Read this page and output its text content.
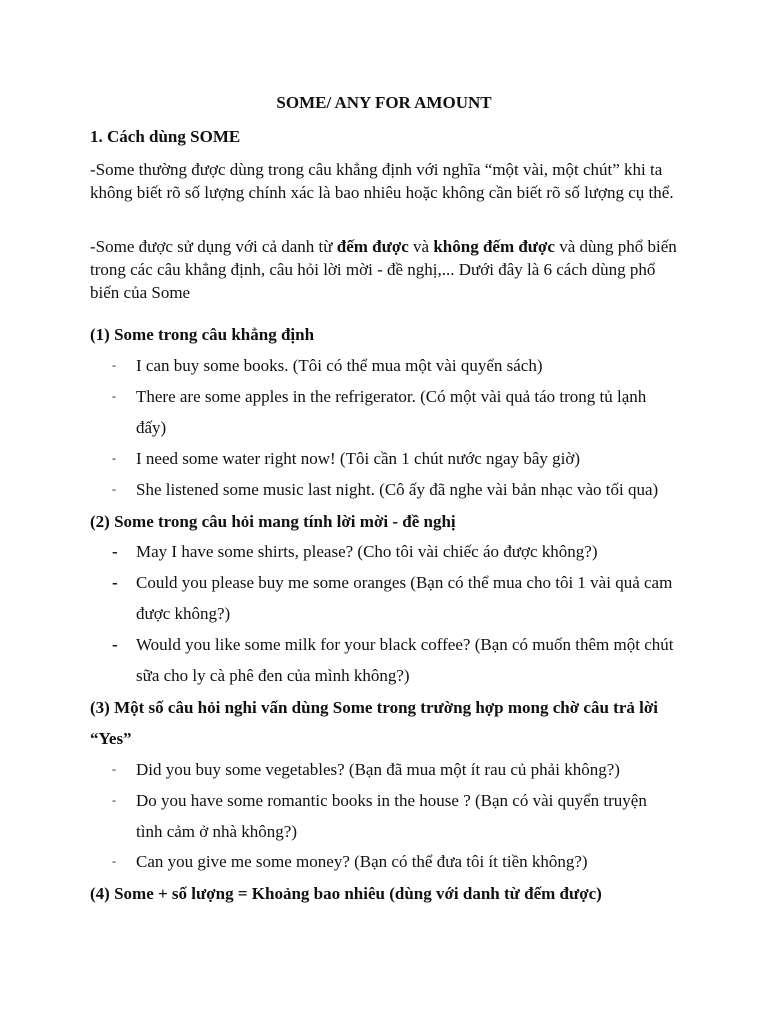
SOME/ ANY FOR AMOUNT
1. Cách dùng SOME
-Some thường được dùng trong câu khẳng định với nghĩa “một vài, một chút” khi ta không biết rõ số lượng chính xác là bao nhiêu hoặc không cần biết rõ số lượng cụ thể.
-Some được sử dụng với cả danh từ đếm được và không đếm được và dùng phổ biến trong các câu khẳng định, câu hỏi lời mời - đề nghị,... Dưới đây là 6 cách dùng phổ biến của Some
(1) Some trong câu khẳng định
- I can buy some books. (Tôi có thể mua một vài quyển sách)
- There are some apples in the refrigerator. (Có một vài quả táo trong tủ lạnh đấy)
- I need some water right now! (Tôi cần 1 chút nước ngay bây giờ)
- She listened some music last night. (Cô ấy đã nghe vài bản nhạc vào tối qua)
(2) Some trong câu hỏi mang tính lời mời - đề nghị
- May I have some shirts, please? (Cho tôi vài chiếc áo được không?)
- Could you please buy me some oranges (Bạn có thể mua cho tôi 1 vài quả cam được không?)
- Would you like some milk for your black coffee? (Bạn có muốn thêm một chút sữa cho ly cà phê đen của mình không?)
(3) Một số câu hỏi nghi vấn dùng Some trong trường hợp mong chờ câu trả lời
“Yes”
- Did you buy some vegetables? (Bạn đã mua một ít rau củ phải không?)
- Do you have some romantic books in the house ? (Bạn có vài quyển truyện tình cảm ở nhà không?)
- Can you give me some money? (Bạn có thể đưa tôi ít tiền không?)
(4) Some + số lượng = Khoảng bao nhiêu (dùng với danh từ đếm được)
